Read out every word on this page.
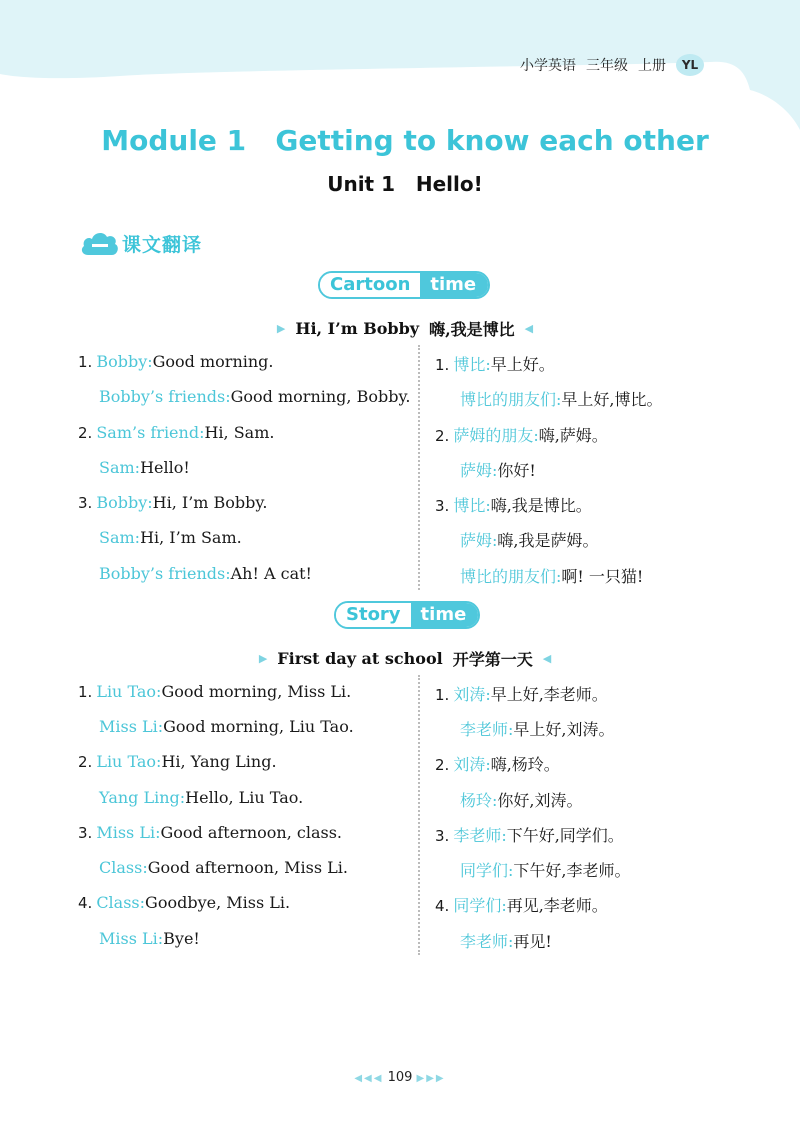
小学英语 三年级 上册	YL
Module 1   Getting to know each other
Unit 1   Hello!
课文翻译
Cartoon	time
▶ Hi, I’m Bobby 嗨,我是博比 ◀
1. Bobby:Good morning.
Bobby’s friends:Good morning, Bobby.
2. Sam’s friend:Hi, Sam.
Sam:Hello!
3. Bobby:Hi, I’m Bobby.
Sam:Hi, I’m Sam.
Bobby’s friends:Ah! A cat!
1. 博比:早上好。
博比的朋友们:早上好,博比。
2. 萨姆的朋友:嗨,萨姆。
萨姆:你好!
3. 博比:嗨,我是博比。
萨姆:嗨,我是萨姆。
博比的朋友们:啊! 一只猫!
Story	time
▶ First day at school 开学第一天 ◀
1. Liu Tao:Good morning, Miss Li.
Miss Li:Good morning, Liu Tao.
2. Liu Tao:Hi, Yang Ling.
Yang Ling:Hello, Liu Tao.
3. Miss Li:Good afternoon, class.
Class:Good afternoon, Miss Li.
4. Class:Goodbye, Miss Li.
Miss Li:Bye!
1. 刘涛:早上好,李老师。
李老师:早上好,刘涛。
2. 刘涛:嗨,杨玲。
杨玲:你好,刘涛。
3. 李老师:下午好,同学们。
同学们:下午好,李老师。
4. 同学们:再见,李老师。
李老师:再见!
◀◀◀ 109 ▶▶▶
